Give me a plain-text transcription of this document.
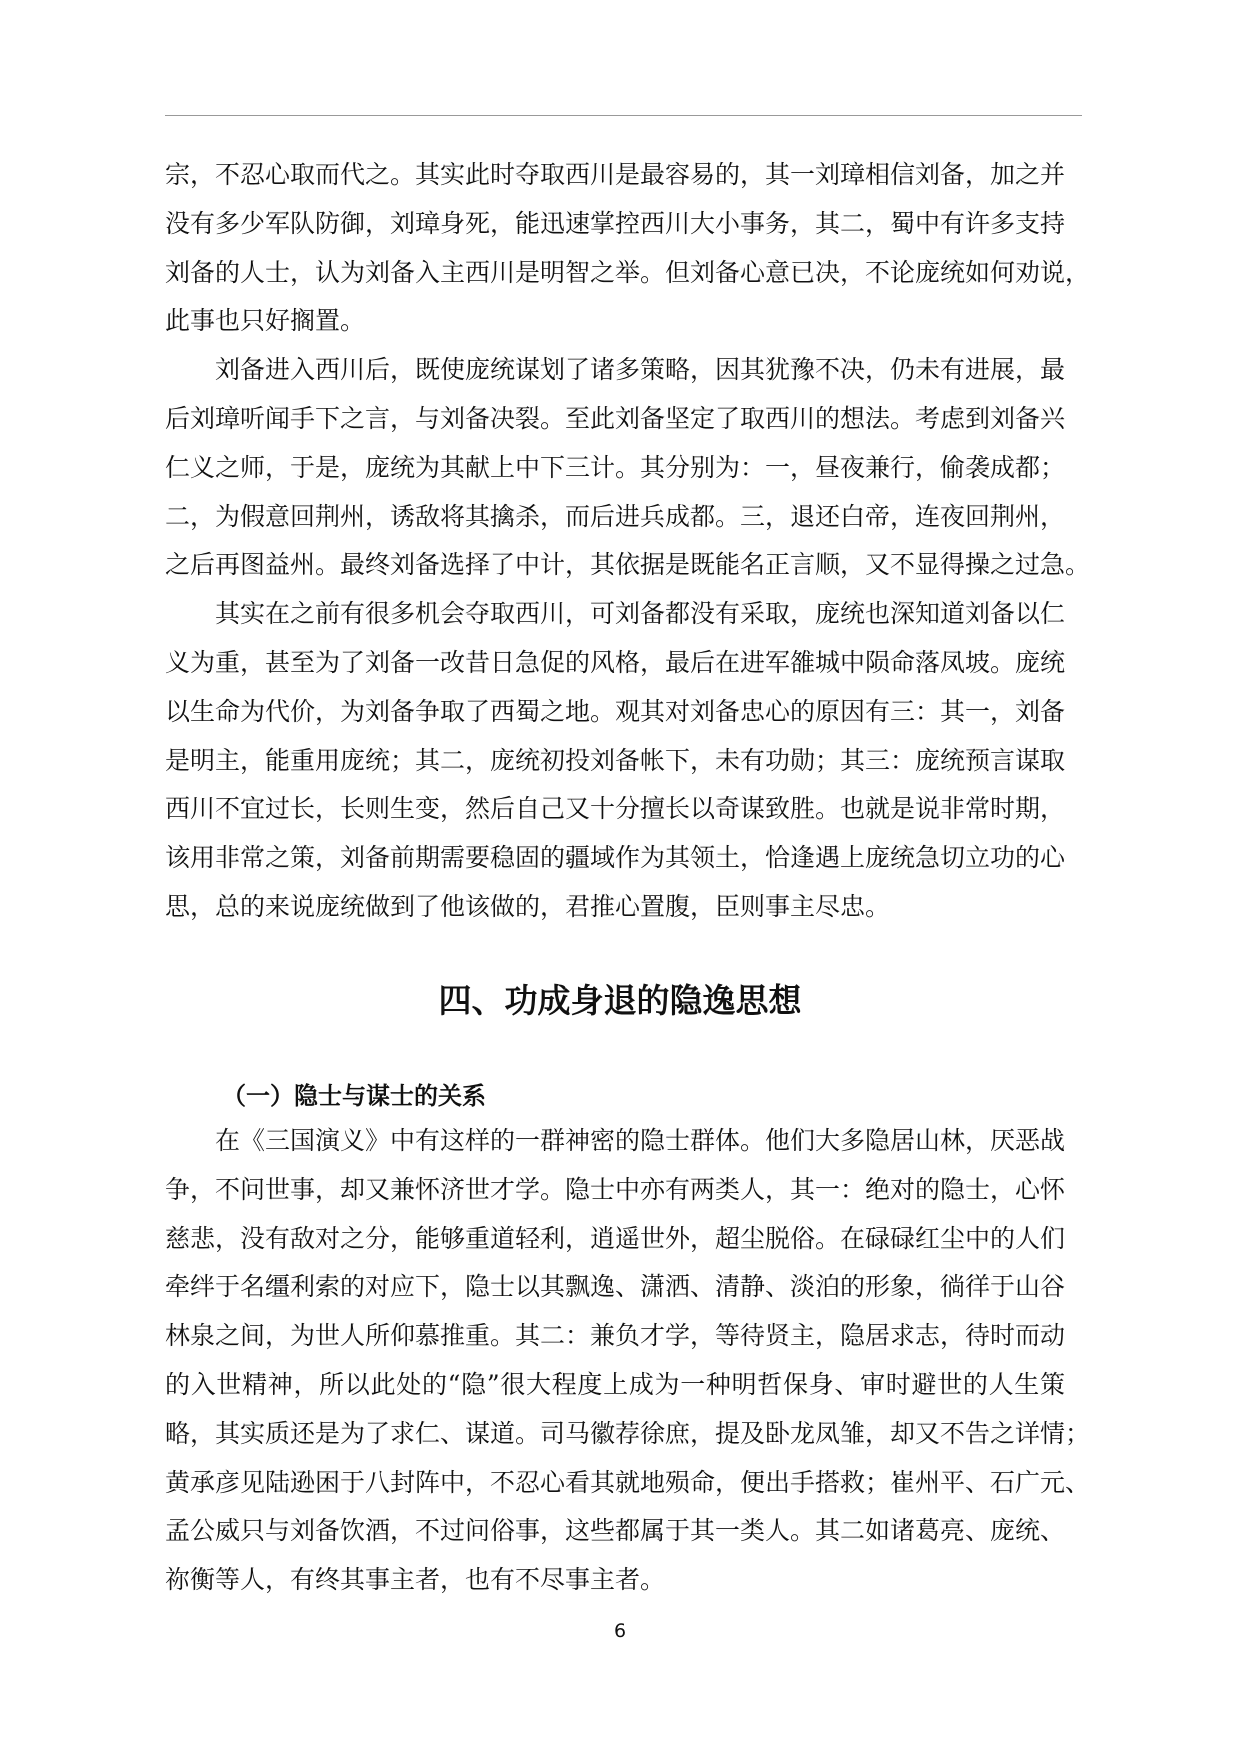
宗，不忍心取而代之。其实此时夺取西川是最容易的，其一刘璋相信刘备，加之并
没有多少军队防御，刘璋身死，能迅速掌控西川大小事务，其二，蜀中有许多支持
刘备的人士，认为刘备入主西川是明智之举。但刘备心意已决，不论庞统如何劝说，
此事也只好搁置。
刘备进入西川后，既使庞统谋划了诸多策略，因其犹豫不决，仍未有进展，最
后刘璋听闻手下之言，与刘备决裂。至此刘备坚定了取西川的想法。考虑到刘备兴
仁义之师，于是，庞统为其献上中下三计。其分别为：一，昼夜兼行，偷袭成都；
二，为假意回荆州，诱敌将其擒杀，而后进兵成都。三，退还白帝，连夜回荆州，
之后再图益州。最终刘备选择了中计，其依据是既能名正言顺，又不显得操之过急。
其实在之前有很多机会夺取西川，可刘备都没有采取，庞统也深知道刘备以仁
义为重，甚至为了刘备一改昔日急促的风格，最后在进军雒城中陨命落凤坡。庞统
以生命为代价，为刘备争取了西蜀之地。观其对刘备忠心的原因有三：其一，刘备
是明主，能重用庞统；其二，庞统初投刘备帐下，未有功勋；其三：庞统预言谋取
西川不宜过长，长则生变，然后自己又十分擅长以奇谋致胜。也就是说非常时期，
该用非常之策，刘备前期需要稳固的疆域作为其领土，恰逢遇上庞统急切立功的心
思，总的来说庞统做到了他该做的，君推心置腹，臣则事主尽忠。
四、功成身退的隐逸思想
（一）隐士与谋士的关系
在《三国演义》中有这样的一群神密的隐士群体。他们大多隐居山林，厌恶战
争，不问世事，却又兼怀济世才学。隐士中亦有两类人，其一：绝对的隐士，心怀
慈悲，没有敌对之分，能够重道轻利，逍遥世外，超尘脱俗。在碌碌红尘中的人们
牵绊于名缰利索的对应下，隐士以其飘逸、潇洒、清静、淡泊的形象，徜徉于山谷
林泉之间，为世人所仰慕推重。其二：兼负才学，等待贤主，隐居求志，待时而动
的入世精神，所以此处的“隐”很大程度上成为一种明哲保身、审时避世的人生策
略，其实质还是为了求仁、谋道。司马徽荐徐庶，提及卧龙凤雏，却又不告之详情；
黄承彦见陆逊困于八封阵中，不忍心看其就地殒命，便出手搭救；崔州平、石广元、
孟公威只与刘备饮酒，不过问俗事，这些都属于其一类人。其二如诸葛亮、庞统、
祢衡等人，有终其事主者，也有不尽事主者。
6
